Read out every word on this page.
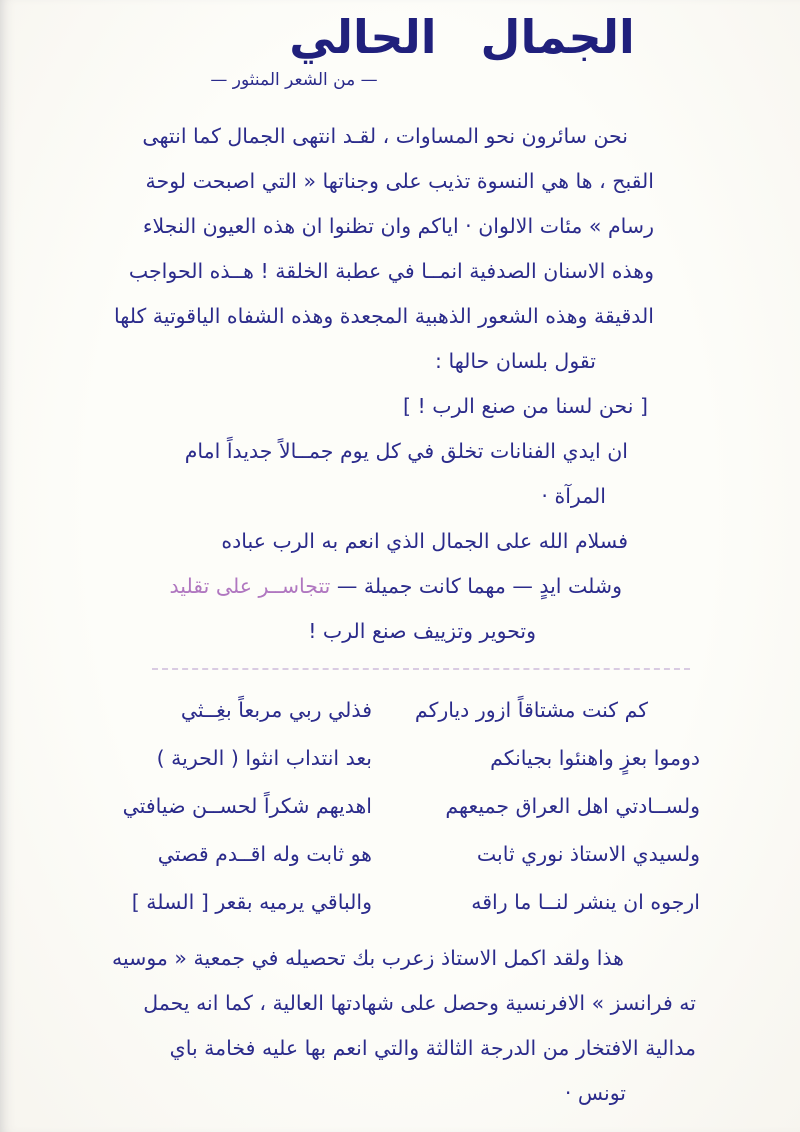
الجمال الحالي
— من الشعر المنثور —
نحن سائرون نحو المساوات ، لقـد انتهى الجمال كما انتهى
القبح ، ها هي النسوة تذيب على وجناتها « التي اصبحت لوحة
رسام » مئات الالوان · اياكم وان تظنوا ان هذه العيون النجلاء
وهذه الاسنان الصدفية انمــا في عطبة الخلقة ! هــذه الحواجب
الدقيقة وهذه الشعور الذهبية المجعدة وهذه الشفاه الياقوتية كلها
تقول بلسان حالها :
[ نحن لسنا من صنع الرب ! ]
ان ايدي الفنانات تخلق في كل يوم جمــالاً جديداً امام
المرآة ·
فسلام الله على الجمال الذي انعم به الرب عباده
وشلت ايدٍ — مهما كانت جميلة — تتجاســر على تقليد
وتحوير وتزييف صنع الرب !
كم كنت مشتاقاً ازور دياركم
فذلي ربي مربعاً بغِــثي
دوموا بعزٍ واهنئوا بجيانكم
بعد انتداب انثوا ( الحرية )
ولســادتي اهل العراق جميعهم
اهديهم شكراً لحســن ضيافتي
ولسيدي الاستاذ نوري ثابت
هو ثابت وله اقــدم قصتي
ارجوه ان ينشر لنــا ما راقه
والباقي يرميه بقعر [ السلة ]
هذا ولقد اكمل الاستاذ زعرب بك تحصيله في جمعية « موسيه
ته فرانسز » الافرنسية وحصل على شهادتها العالية ، كما انه يحمل
مدالية الافتخار من الدرجة الثالثة والتي انعم بها عليه فخامة باي
تونس ·
